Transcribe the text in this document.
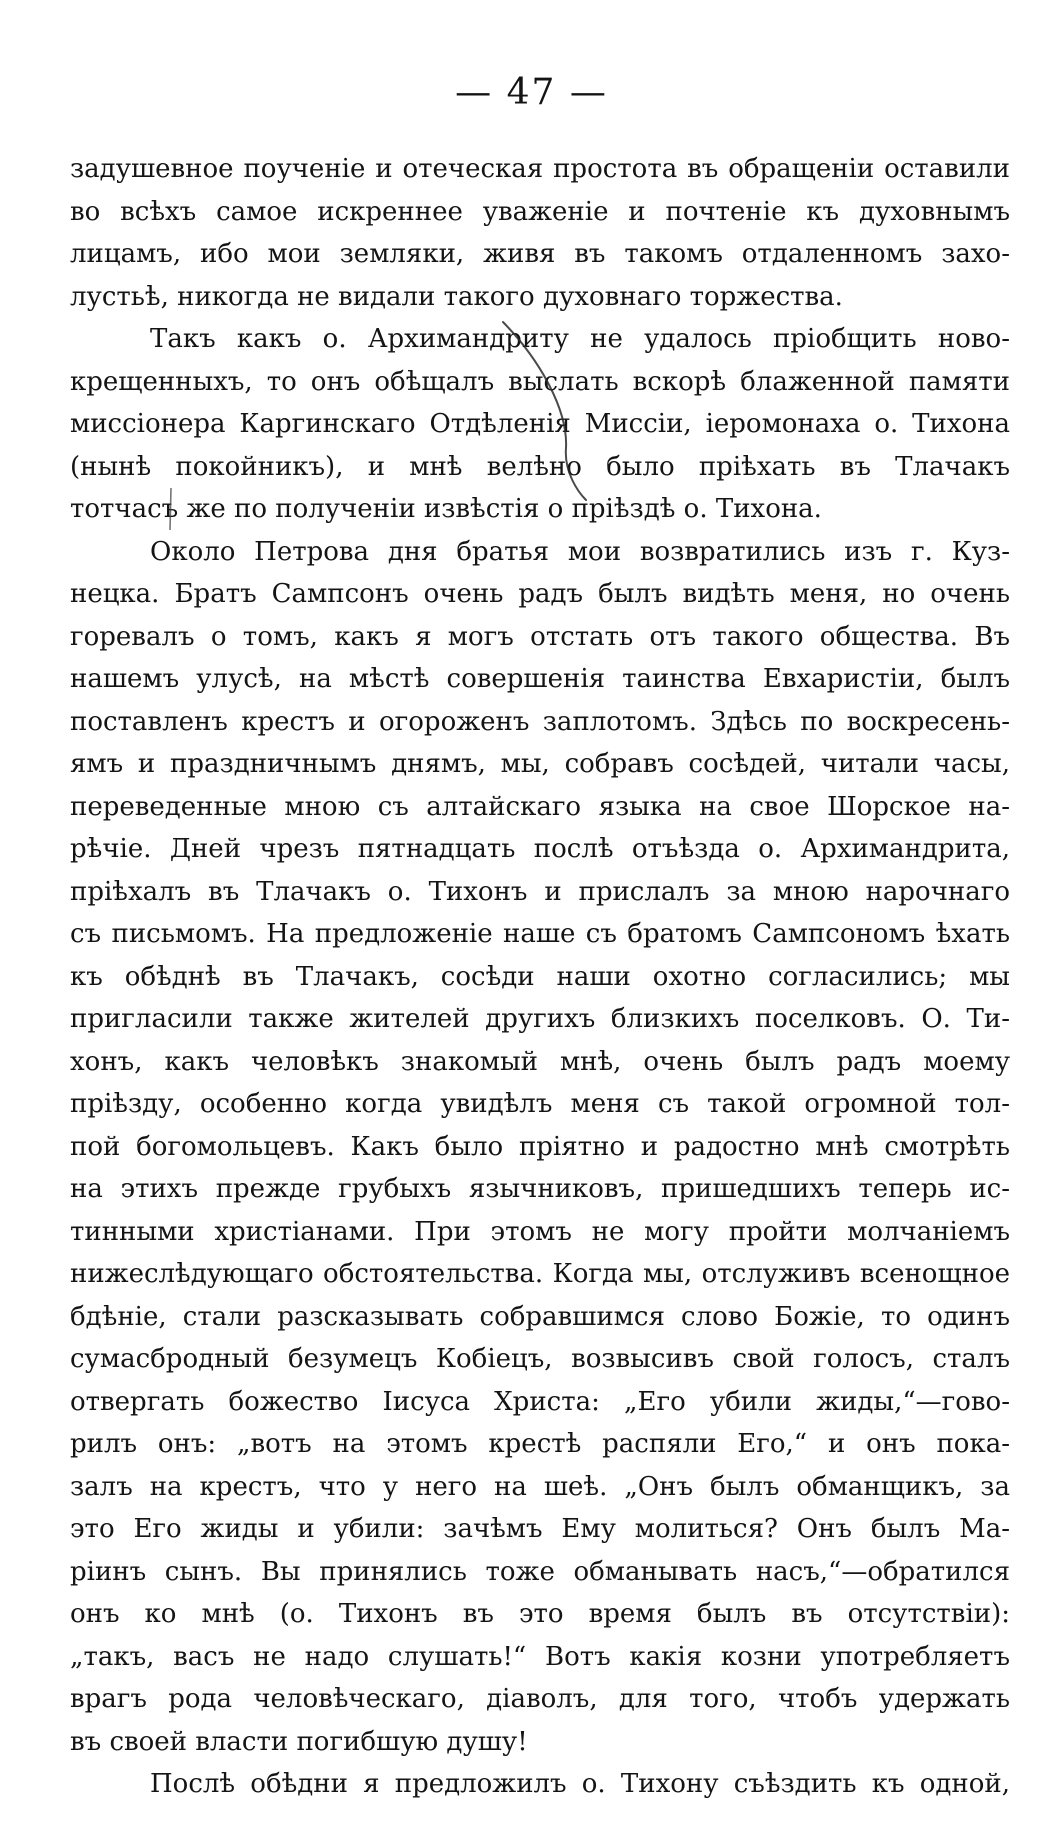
— 47 —
задушевное поученіе и отеческая простота въ обращеніи оставили
во всѣхъ самое искреннее уваженіе и почтеніе къ духовнымъ
лицамъ, ибо мои земляки, живя въ такомъ отдаленномъ захо-
лустьѣ, никогда не видали такого духовнаго торжества.
Такъ какъ о. Архимандриту не удалось пріобщить ново-
крещенныхъ, то онъ обѣщалъ выслать вскорѣ блаженной памяти
миссіонера Каргинскаго Отдѣленія Миссіи, іеромонаха о. Тихона
(нынѣ покойникъ), и мнѣ велѣно было пріѣхать въ Тлачакъ
тотчасъ же по полученіи извѣстія о пріѣздѣ о. Тихона.
Около Петрова дня братья мои возвратились изъ г. Куз-
нецка. Братъ Сампсонъ очень радъ былъ видѣть меня, но очень
горевалъ о томъ, какъ я могъ отстать отъ такого общества. Въ
нашемъ улусѣ, на мѣстѣ совершенія таинства Евхаристіи, былъ
поставленъ крестъ и огороженъ заплотомъ. Здѣсь по воскресень-
ямъ и праздничнымъ днямъ, мы, собравъ сосѣдей, читали часы,
переведенные мною съ алтайскаго языка на свое Шорское на-
рѣчіе. Дней чрезъ пятнадцать послѣ отъѣзда о. Архимандрита,
пріѣхалъ въ Тлачакъ о. Тихонъ и прислалъ за мною нарочнаго
съ письмомъ. На предложеніе наше съ братомъ Сампсономъ ѣхать
къ обѣднѣ въ Тлачакъ, сосѣди наши охотно согласились; мы
пригласили также жителей другихъ близкихъ поселковъ. О. Ти-
хонъ, какъ человѣкъ знакомый мнѣ, очень былъ радъ моему
пріѣзду, особенно когда увидѣлъ меня съ такой огромной тол-
пой богомольцевъ. Какъ было пріятно и радостно мнѣ смотрѣть
на этихъ прежде грубыхъ язычниковъ, пришедшихъ теперь ис-
тинными христіанами. При этомъ не могу пройти молчаніемъ
нижеслѣдующаго обстоятельства. Когда мы, отслуживъ всенощное
бдѣніе, стали разсказывать собравшимся слово Божіе, то одинъ
сумасбродный безумецъ Кобіецъ, возвысивъ свой голосъ, сталъ
отвергать божество Іисуса Христа: „Его убили жиды,“—гово-
рилъ онъ: „вотъ на этомъ крестѣ распяли Его,“ и онъ пока-
залъ на крестъ, что у него на шеѣ. „Онъ былъ обманщикъ, за
это Его жиды и убили: зачѣмъ Ему молиться? Онъ былъ Ма-
ріинъ сынъ. Вы принялись тоже обманывать насъ,“—обратился
онъ ко мнѣ (о. Тихонъ въ это время былъ въ отсутствіи):
„такъ, васъ не надо слушать!“ Вотъ какія козни употребляетъ
врагъ рода человѣческаго, діаволъ, для того, чтобъ удержать
въ своей власти погибшую душу!
Послѣ обѣдни я предложилъ о. Тихону съѣздить къ одной,
